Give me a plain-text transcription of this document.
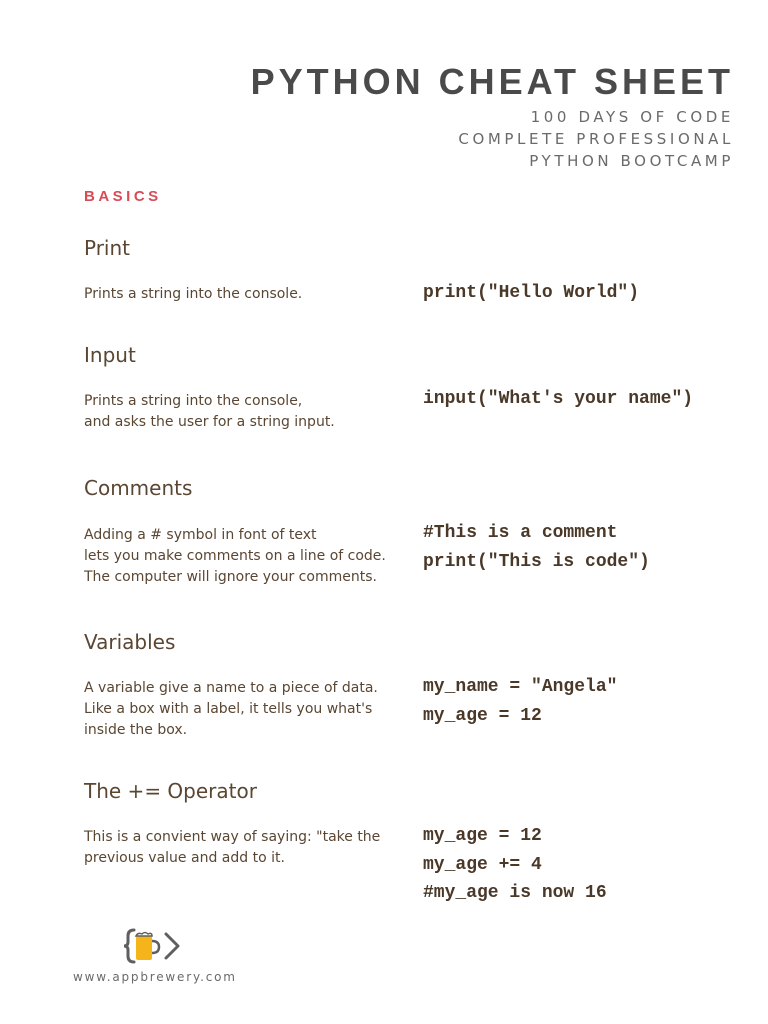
PYTHON CHEAT SHEET
100 DAYS OF CODE
COMPLETE PROFESSIONAL
PYTHON BOOTCAMP
BASICS
Print
Prints a string into the console.	print("Hello World")
Input
Prints a string into the console,
and asks the user for a string input.
input("What's your name")
Comments
Adding a # symbol in font of text
lets you make comments on a line of code.
The computer will ignore your comments.
#This is a comment
print("This is code")
Variables
A variable give a name to a piece of data.
Like a box with a label, it tells you what's
inside the box.
my_name = "Angela"
my_age = 12
The += Operator
This is a convient way of saying: "take the
previous value and add to it.
my_age = 12
my_age += 4
#my_age is now 16
www.appbrewery.com
